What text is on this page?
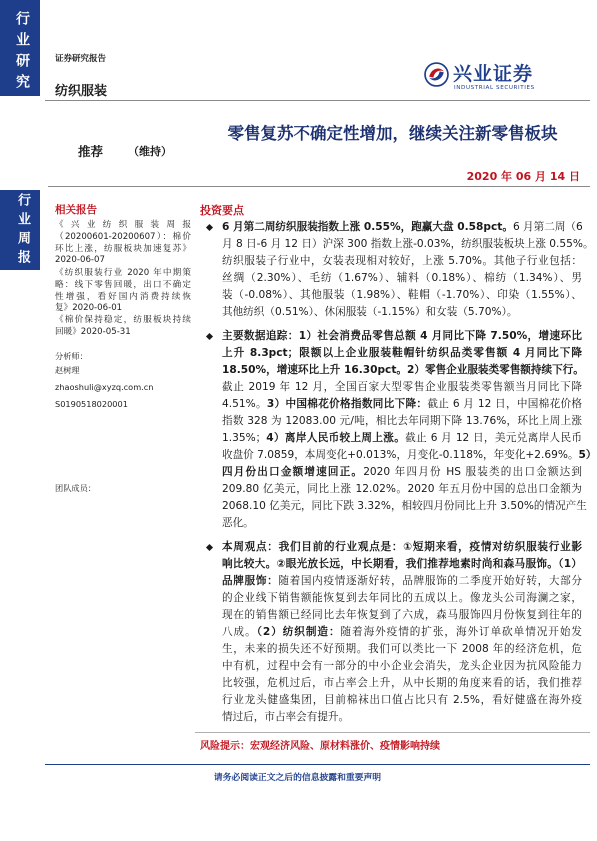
行业研究
行业周报
证券研究报告
纺织服装
兴业证券
INDUSTRIAL SECURITIES
零售复苏不确定性增加，继续关注新零售板块
推荐 （维持）
2020 年 06 月 14 日
相关报告
《兴业纺织服装周报
（20200601-20200607）：棉价
环比上涨，纺服板块加速复苏》
2020-06-07
《纺织服装行业 2020 年中期策
略：线下零售回暖，出口不确定
性增强，看好国内消费持续恢
复》2020-06-01
《棉价保持稳定，纺服板块持续
回暖》2020-05-31
分析师：
赵树理
zhaoshuli@xyzq.com.cn
S0190518020001
团队成员：
投资要点
6 月第二周纺织服装指数上涨 0.55%，跑赢大盘 0.58pct。6 月第二周（6
月 8 日-6 月 12 日）沪深 300 指数上涨-0.03%，纺织服装板块上涨 0.55%。
纺织服装子行业中，女装表现相对较好，上涨 5.70%。其他子行业包括：
丝绸（2.30%）、毛纺（1.67%）、辅料（0.18%）、棉纺（1.34%）、男
装（-0.08%）、其他服装（1.98%）、鞋帽（-1.70%）、印染（1.55%）、
其他纺织（0.51%）、休闲服装（-1.15%）和女装（5.70%）。
主要数据追踪：1）社会消费品零售总额 4 月同比下降 7.50%，增速环比
上升 8.3pct；限额以上企业服装鞋帽针纺织品类零售额 4 月同比下降
18.50%，增速环比上升 16.30pct。2）零售企业服装类零售额持续下行。
截止 2019 年 12 月，全国百家大型零售企业服装类零售额当月同比下降
4.51%。3）中国棉花价格指数同比下降：截止 6 月 12 日，中国棉花价格
指数 328 为 12083.00 元/吨，相比去年同期下降 13.76%，环比上周上涨
1.35%；4）离岸人民币较上周上涨。截止 6 月 12 日，美元兑离岸人民币
收盘价 7.0859，本周变化+0.013%，月变化-0.118%，年变化+2.69%。5）
四月份出口金额增速回正。2020 年四月份 HS 服装类的出口金额达到
209.80 亿美元，同比上涨 12.02%。2020 年五月份中国的总出口金额为
2068.10 亿美元，同比下跌 3.32%，相较四月份同比上升 3.50%的情况产生
恶化。
本周观点：我们目前的行业观点是：①短期来看，疫情对纺织服装行业影
响比较大。②眼光放长远，中长期看，我们推荐地素时尚和森马服饰。（1）
品牌服饰：随着国内疫情逐渐好转，品牌服饰的二季度开始好转，大部分
的企业线下销售额能恢复到去年同比的五成以上。像龙头公司海澜之家，
现在的销售额已经同比去年恢复到了六成，森马服饰四月份恢复到往年的
八成。（2）纺织制造：随着海外疫情的扩张，海外订单砍单情况开始发
生，未来的损失还不好预期。我们可以类比一下 2008 年的经济危机，危
中有机，过程中会有一部分的中小企业会消失，龙头企业因为抗风险能力
比较强，危机过后，市占率会上升，从中长期的角度来看的话，我们推荐
行业龙头健盛集团，目前棉袜出口值占比只有 2.5%，看好健盛在海外疫
情过后，市占率会有提升。
风险提示：宏观经济风险、原材料涨价、疫情影响持续
请务必阅读正文之后的信息披露和重要声明
